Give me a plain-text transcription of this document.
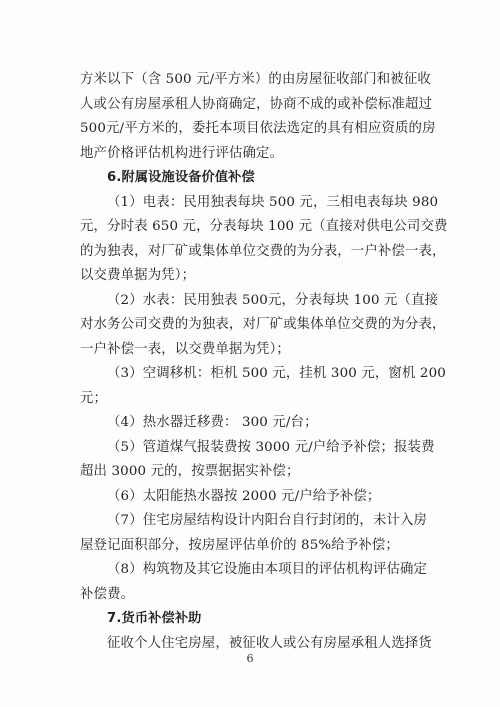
方米以下（含 500 元/平方米）的由房屋征收部门和被征收
人或公有房屋承租人协商确定，协商不成的或补偿标准超过
500元/平方米的，委托本项目依法选定的具有相应资质的房
地产价格评估机构进行评估确定。
6.附属设施设备价值补偿
（1）电表：民用独表每块 500 元，三相电表每块 980
元，分时表 650 元，分表每块 100 元（直接对供电公司交费
的为独表，对厂矿或集体单位交费的为分表，一户补偿一表，
以交费单据为凭）；
（2）水表：民用独表 500元，分表每块 100 元（直接
对水务公司交费的为独表，对厂矿或集体单位交费的为分表，
一户补偿一表，以交费单据为凭）；
（3）空调移机：柜机 500 元，挂机 300 元，窗机 200
元；
（4）热水器迁移费： 300 元/台；
（5）管道煤气报装费按 3000 元/户给予补偿；报装费
超出 3000 元的，按票据据实补偿；
（6）太阳能热水器按 2000 元/户给予补偿；
（7）住宅房屋结构设计内阳台自行封闭的，未计入房
屋登记面积部分，按房屋评估单价的 85%给予补偿；
（8）构筑物及其它设施由本项目的评估机构评估确定
补偿费。
7.货币补偿补助
征收个人住宅房屋，被征收人或公有房屋承租人选择货
6
